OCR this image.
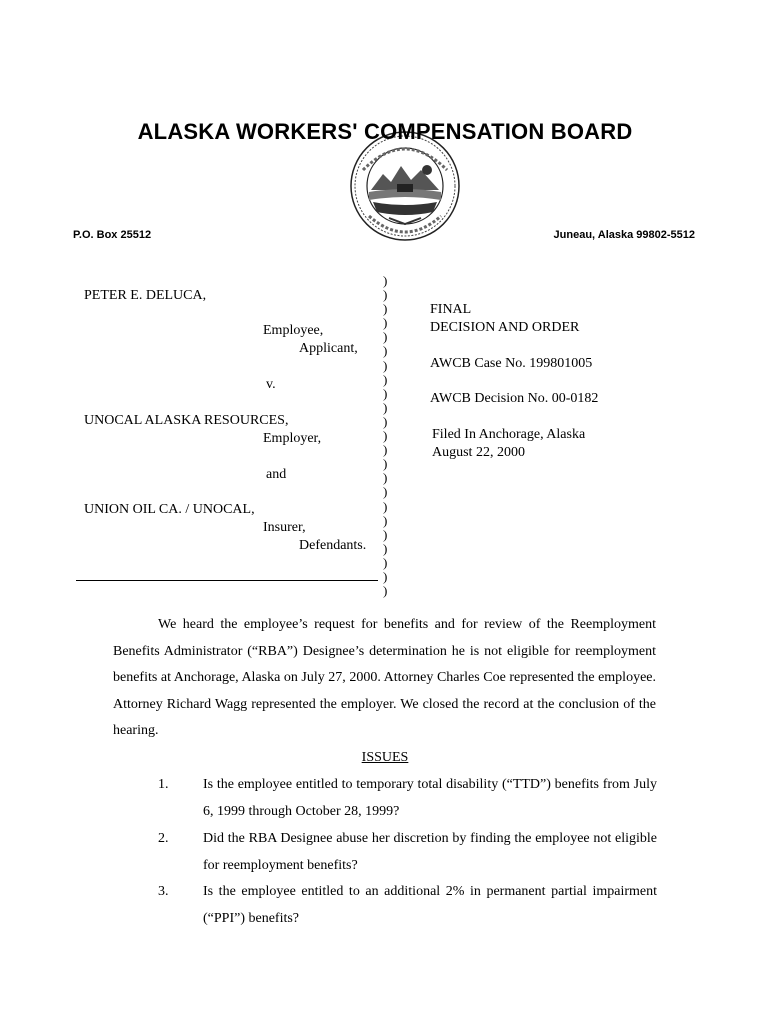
ALASKA WORKERS' COMPENSATION BOARD
P.O. Box 25512	Juneau, Alaska 99802-5512
PETER E. DELUCA,
Employee,
Applicant,
v.
UNOCAL ALASKA RESOURCES,
Employer,
and
UNION OIL CA. / UNOCAL,
Insurer,
Defendants.
)
)
)
)
)
)
)
)
)
)
)
)
)
)
)
)
)
)
)
)
)
)
)
FINAL
DECISION AND ORDER
AWCB Case No. 199801005
AWCB Decision No. 00-0182
Filed In Anchorage, Alaska
August 22, 2000
We heard the employee’s request for benefits and for review of the Reemployment Benefits Administrator (“RBA”) Designee’s determination he is not eligible for reemployment benefits at Anchorage, Alaska on July 27, 2000. Attorney Charles Coe represented the employee. Attorney Richard Wagg represented the employer. We closed the record at the conclusion of the hearing.
ISSUES
1. Is the employee entitled to temporary total disability (“TTD”) benefits from July 6, 1999 through October 28, 1999?
2. Did the RBA Designee abuse her discretion by finding the employee not eligible for reemployment benefits?
3. Is the employee entitled to an additional 2% in permanent partial impairment (“PPI”) benefits?
